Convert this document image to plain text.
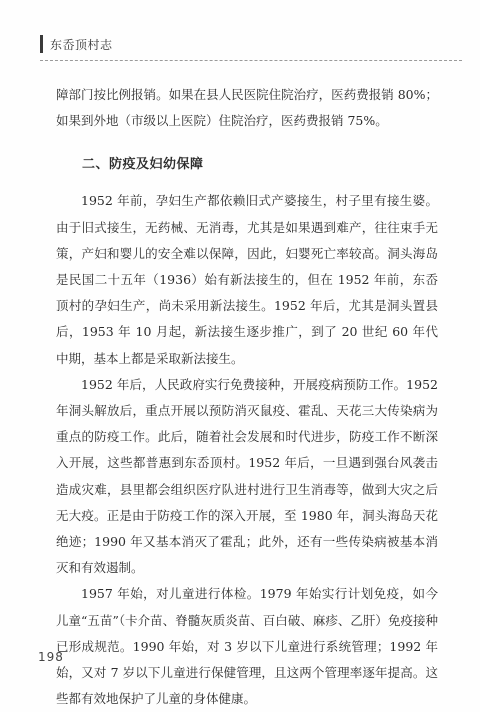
东岙顶村志

障部门按比例报销。如果在县人民医院住院治疗，医药费报销 80%；如果到外地（市级以上医院）住院治疗，医药费报销 75%。

二、防疫及妇幼保障

1952 年前，孕妇生产都依赖旧式产婆接生，村子里有接生婆。由于旧式接生，无药械、无消毒，尤其是如果遇到难产，往往束手无策，产妇和婴儿的安全难以保障，因此，妇婴死亡率较高。洞头海岛是民国二十五年（1936）始有新法接生的，但在 1952 年前，东岙顶村的孕妇生产，尚未采用新法接生。1952 年后，尤其是洞头置县后，1953 年 10 月起，新法接生逐步推广，到了 20 世纪 60 年代中期，基本上都是采取新法接生。

1952 年后，人民政府实行免费接种，开展疫病预防工作。1952 年洞头解放后，重点开展以预防消灭鼠疫、霍乱、天花三大传染病为重点的防疫工作。此后，随着社会发展和时代进步，防疫工作不断深入开展，这些都普惠到东岙顶村。1952 年后，一旦遇到强台风袭击造成灾难，县里都会组织医疗队进村进行卫生消毒等，做到大灾之后无大疫。正是由于防疫工作的深入开展，至 1980 年，洞头海岛天花绝迹；1990 年又基本消灭了霍乱；此外，还有一些传染病被基本消灭和有效遏制。

1957 年始，对儿童进行体检。1979 年始实行计划免疫，如今儿童“五苗”（卡介苗、脊髓灰质炎苗、百白破、麻疹、乙肝）免疫接种已形成规范。1990 年始，对 3 岁以下儿童进行系统管理；1992 年始，又对 7 岁以下儿童进行保健管理，且这两个管理率逐年提高。这些都有效地保护了儿童的身体健康。

198
